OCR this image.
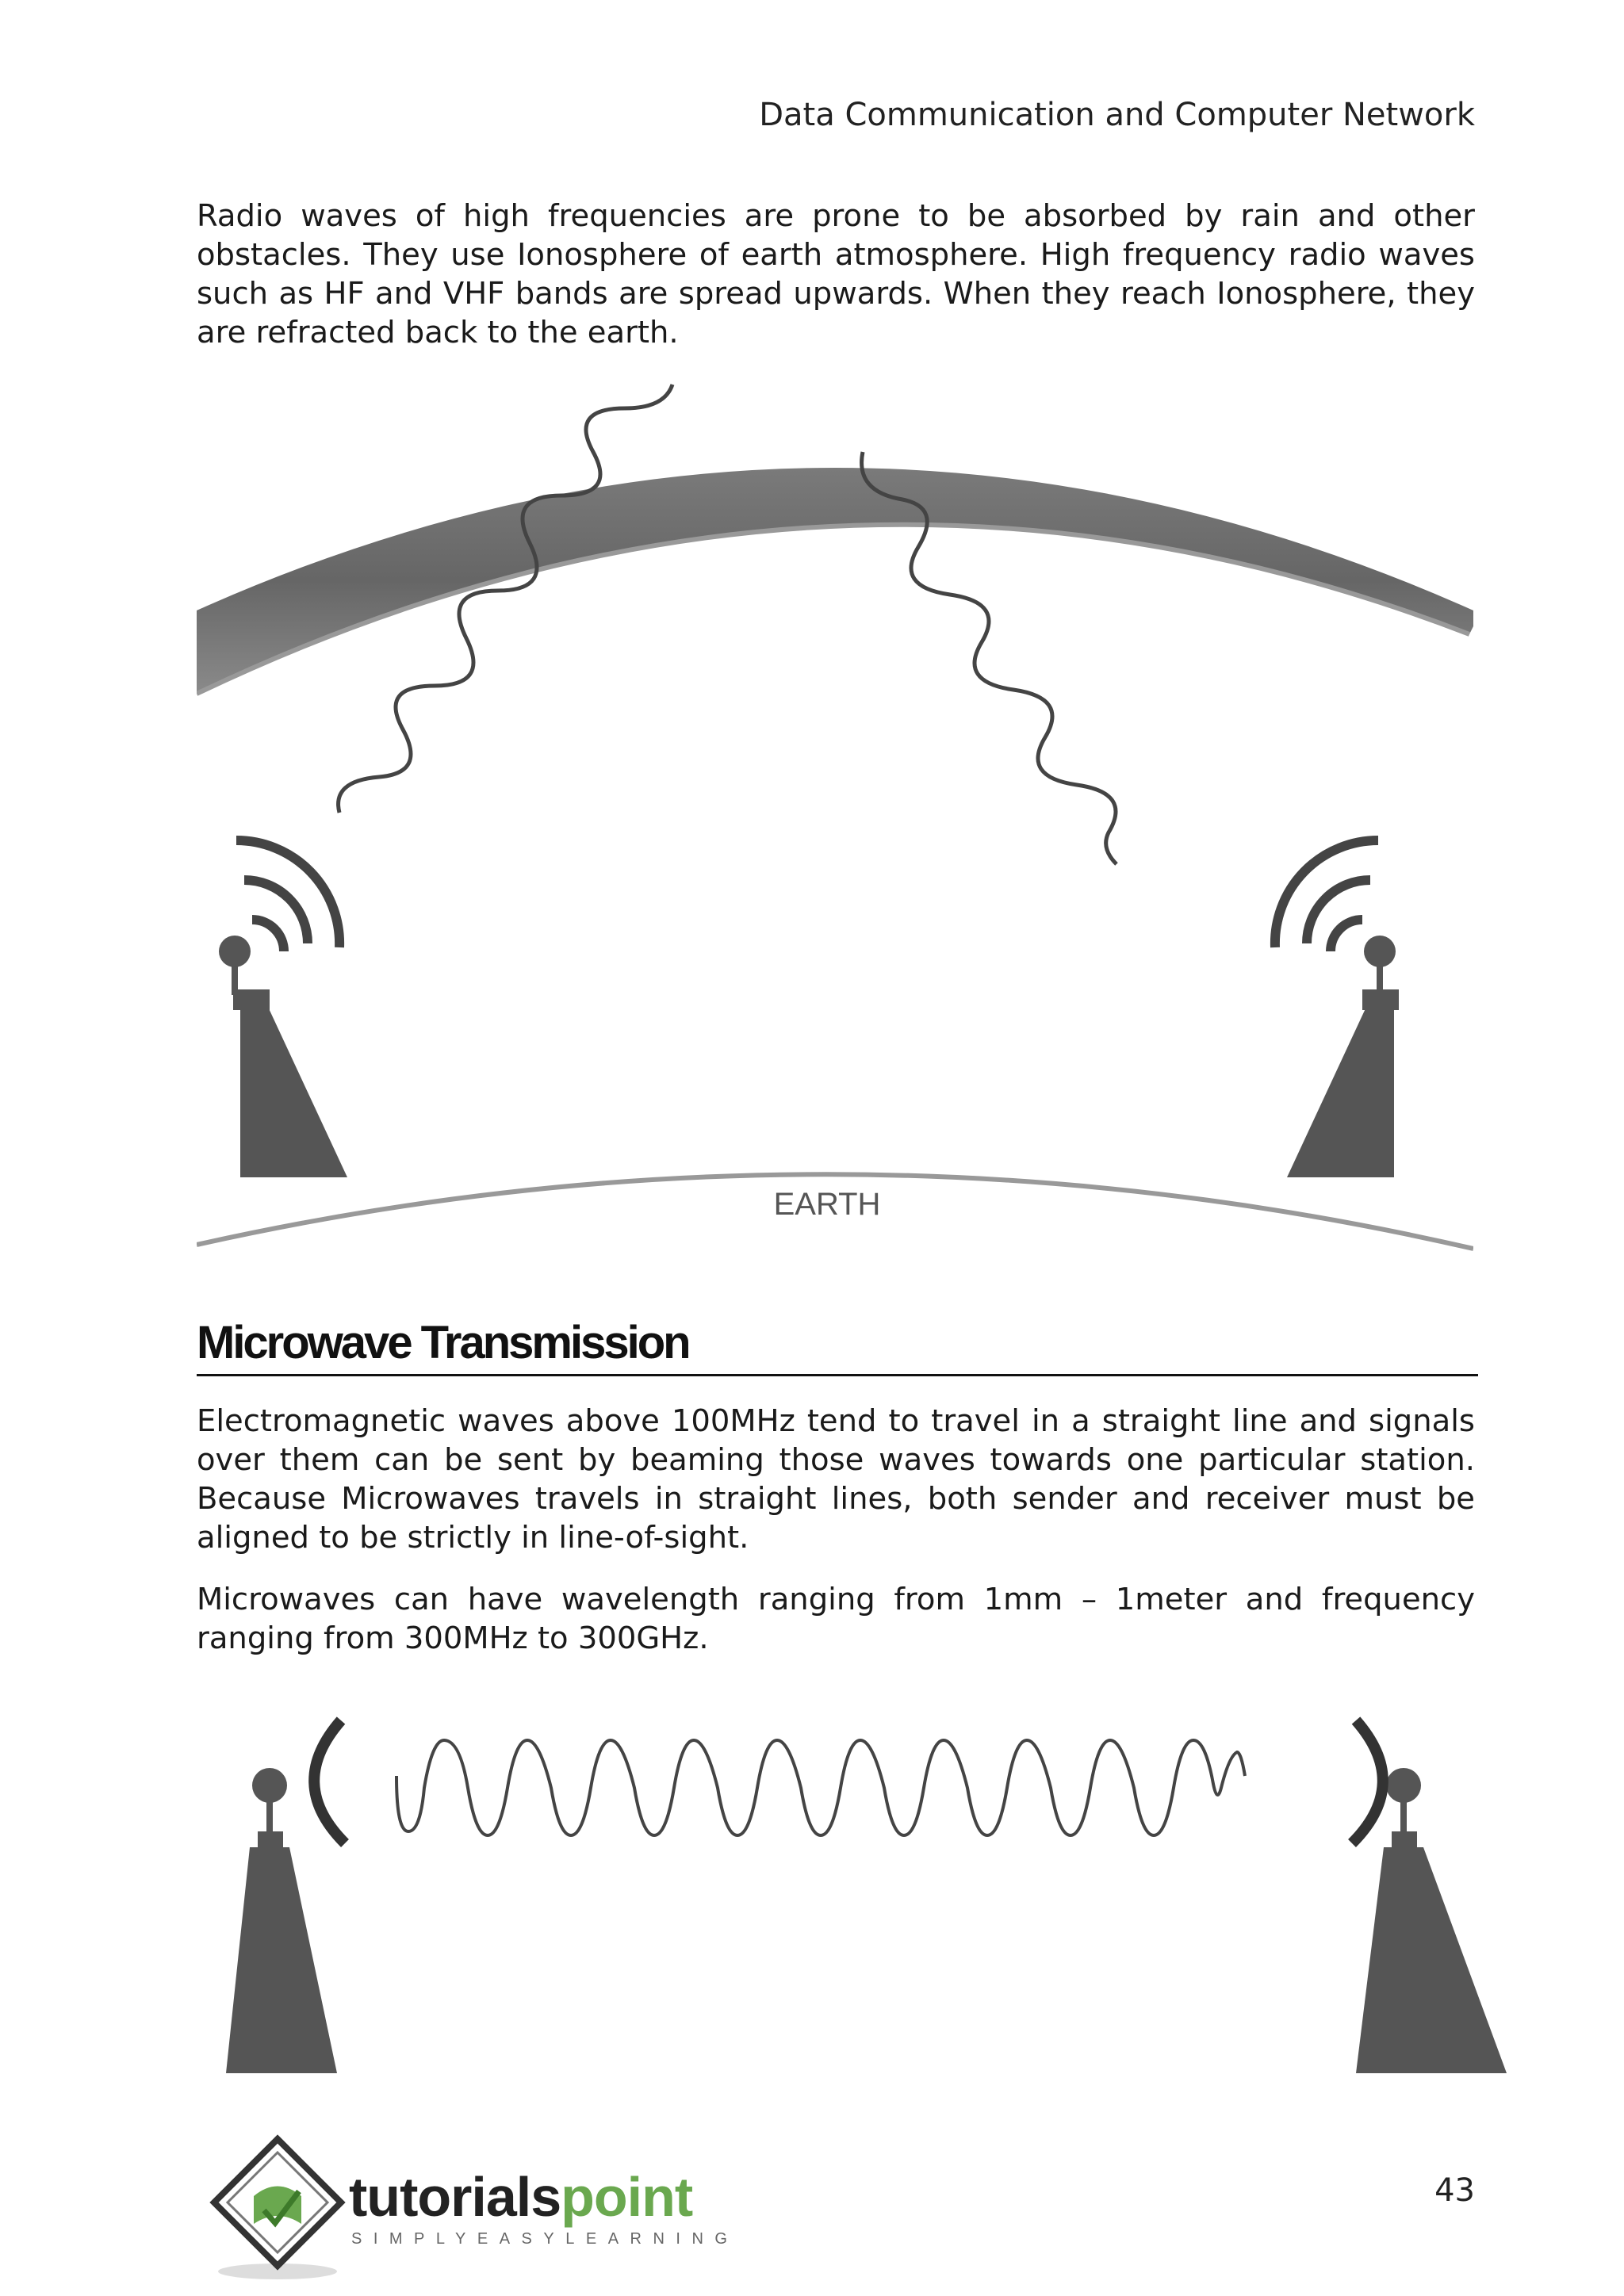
Data Communication and Computer Network

Radio waves of high frequencies are prone to be absorbed by rain and other obstacles. They use Ionosphere of earth atmosphere. High frequency radio waves such as HF and VHF bands are spread upwards. When they reach Ionosphere, they are refracted back to the earth.

I O N O S P H E R E
EARTH
Microwave Transmission

Electromagnetic waves above 100MHz tend to travel in a straight line and signals over them can be sent by beaming those waves towards one particular station. Because Microwaves travels in straight lines, both sender and receiver must be aligned to be strictly in line-of-sight.

Microwaves can have wavelength ranging from 1mm – 1meter and frequency ranging from 300MHz to 300GHz.

tutorialspoint
SIMPLYEASYLEARNING
43
